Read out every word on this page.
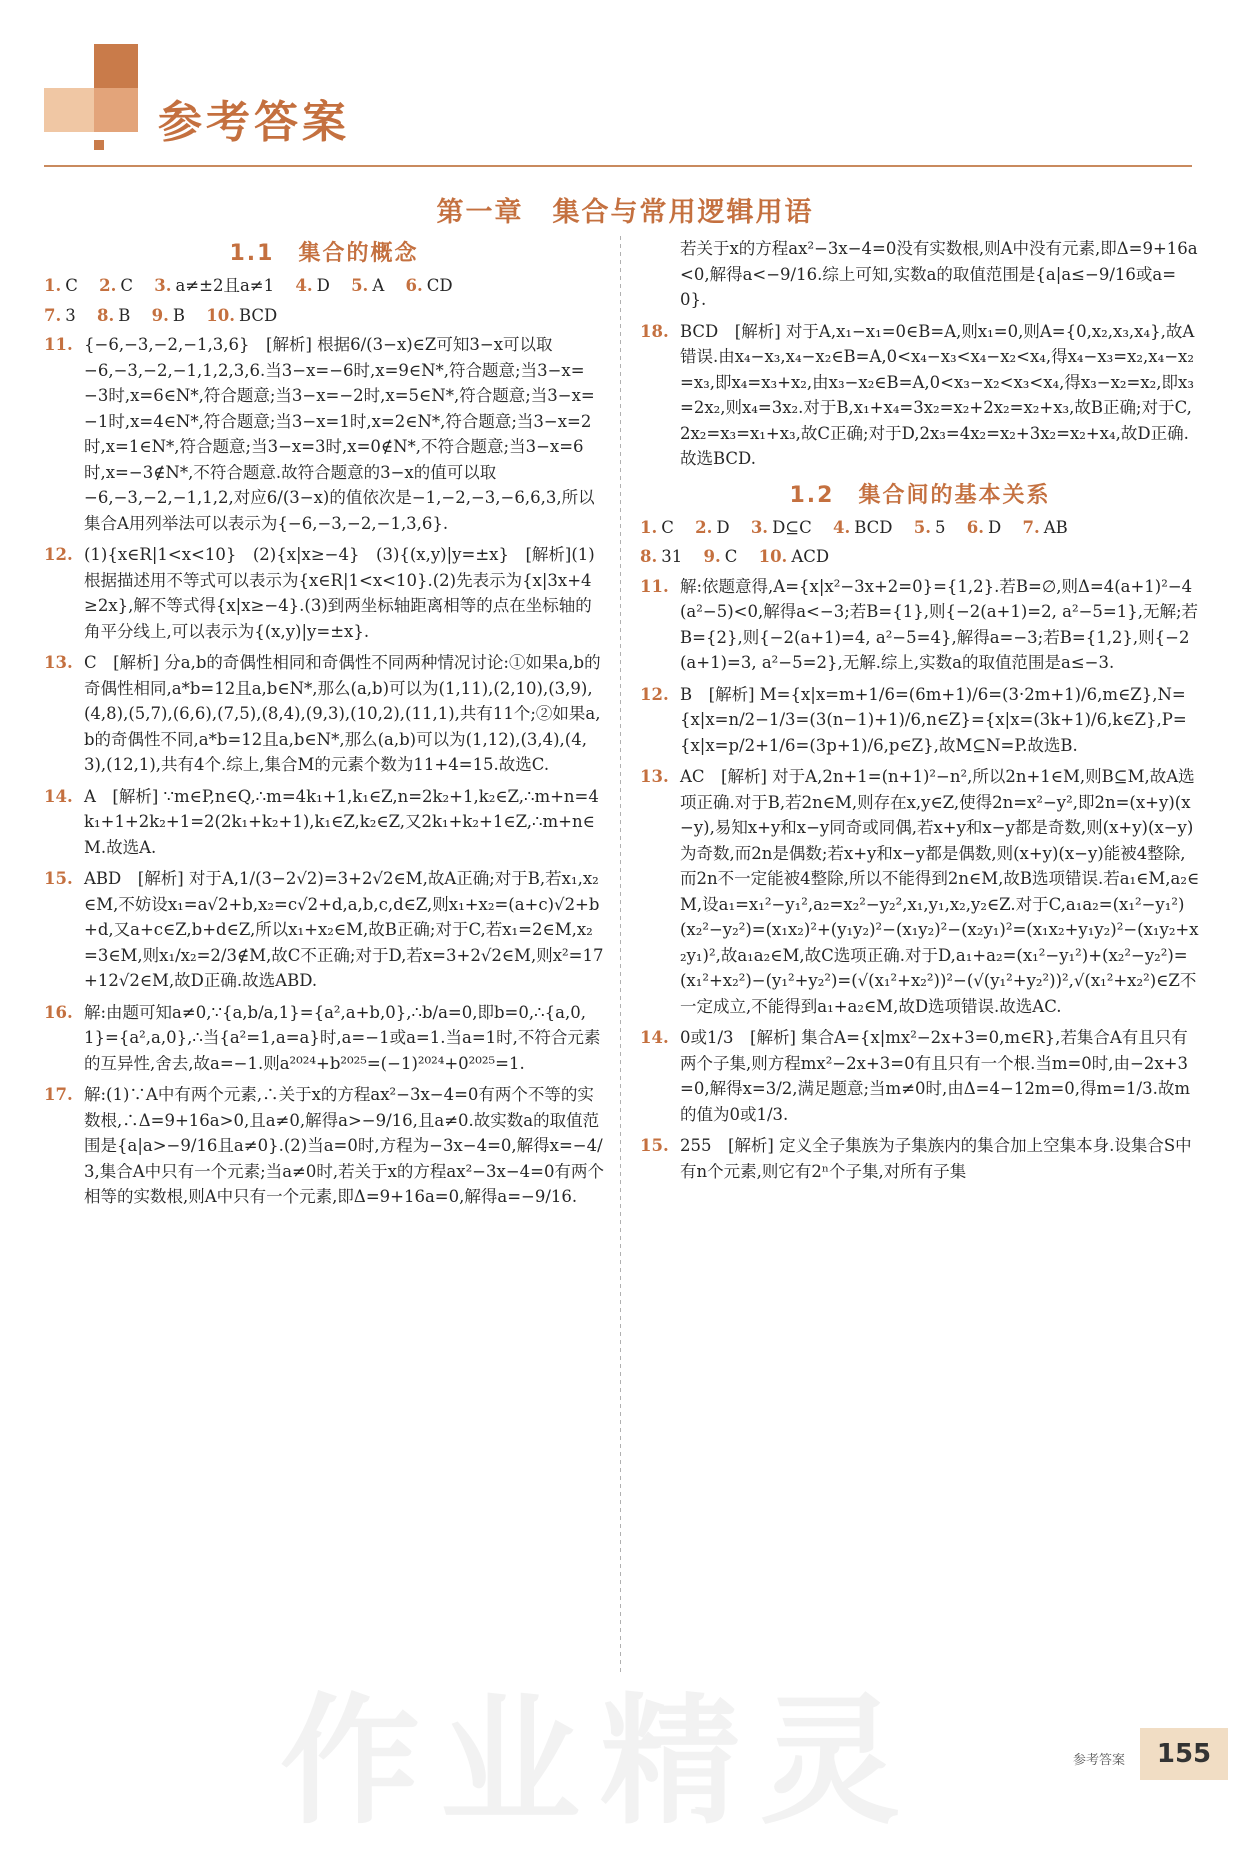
参考答案
第一章　集合与常用逻辑用语
1.1　集合的概念
1. C 2. C 3. a≠±2且a≠1 4. D 5. A 6. CD
7. 3 8. B 9. B 10. BCD
11. {−6,−3,−2,−1,3,6}　[解析] 根据6/(3−x)∈Z可知3−x可以取−6,−3,−2,−1,1,2,3,6.当3−x=−6时,x=9∈N*,符合题意;当3−x=−3时,x=6∈N*,符合题意;当3−x=−2时,x=5∈N*,符合题意;当3−x=−1时,x=4∈N*,符合题意;当3−x=1时,x=2∈N*,符合题意;当3−x=2时,x=1∈N*,符合题意;当3−x=3时,x=0∉N*,不符合题意;当3−x=6时,x=−3∉N*,不符合题意.故符合题意的3−x的值可以取−6,−3,−2,−1,1,2,对应6/(3−x)的值依次是−1,−2,−3,−6,6,3,所以集合A用列举法可以表示为{−6,−3,−2,−1,3,6}.
12. (1){x∈R|1<x<10}　(2){x|x≥−4}　(3){(x,y)|y=±x}　[解析](1)根据描述用不等式可以表示为{x∈R|1<x<10}.(2)先表示为{x|3x+4≥2x},解不等式得{x|x≥−4}.(3)到两坐标轴距离相等的点在坐标轴的角平分线上,可以表示为{(x,y)|y=±x}.
13. C　[解析] 分a,b的奇偶性相同和奇偶性不同两种情况讨论:①如果a,b的奇偶性相同,a*b=12且a,b∈N*,那么(a,b)可以为(1,11),(2,10),(3,9),(4,8),(5,7),(6,6),(7,5),(8,4),(9,3),(10,2),(11,1),共有11个;②如果a,b的奇偶性不同,a*b=12且a,b∈N*,那么(a,b)可以为(1,12),(3,4),(4,3),(12,1),共有4个.综上,集合M的元素个数为11+4=15.故选C.
14. A　[解析] ∵m∈P,n∈Q,∴m=4k₁+1,k₁∈Z,n=2k₂+1,k₂∈Z,∴m+n=4k₁+1+2k₂+1=2(2k₁+k₂+1),k₁∈Z,k₂∈Z,又2k₁+k₂+1∈Z,∴m+n∈M.故选A.
15. ABD　[解析] 对于A,1/(3−2√2)=3+2√2∈M,故A正确;对于B,若x₁,x₂∈M,不妨设x₁=a√2+b,x₂=c√2+d,a,b,c,d∈Z,则x₁+x₂=(a+c)√2+b+d,又a+c∈Z,b+d∈Z,所以x₁+x₂∈M,故B正确;对于C,若x₁=2∈M,x₂=3∈M,则x₁/x₂=2/3∉M,故C不正确;对于D,若x=3+2√2∈M,则x²=17+12√2∈M,故D正确.故选ABD.
16. 解:由题可知a≠0,∵{a,b/a,1}={a²,a+b,0},∴b/a=0,即b=0,∴{a,0,1}={a²,a,0},∴当{a²=1,a=a}时,a=−1或a=1.当a=1时,不符合元素的互异性,舍去,故a=−1.则a²⁰²⁴+b²⁰²⁵=(−1)²⁰²⁴+0²⁰²⁵=1.
17. 解:(1)∵A中有两个元素,∴关于x的方程ax²−3x−4=0有两个不等的实数根,∴Δ=9+16a>0,且a≠0,解得a>−9/16,且a≠0.故实数a的取值范围是{a|a>−9/16且a≠0}.(2)当a=0时,方程为−3x−4=0,解得x=−4/3,集合A中只有一个元素;当a≠0时,若关于x的方程ax²−3x−4=0有两个相等的实数根,则A中只有一个元素,即Δ=9+16a=0,解得a=−9/16.
若关于x的方程ax²−3x−4=0没有实数根,则A中没有元素,即Δ=9+16a<0,解得a<−9/16.综上可知,实数a的取值范围是{a|a≤−9/16或a=0}.
18. BCD　[解析] 对于A,x₁−x₁=0∈B=A,则x₁=0,则A={0,x₂,x₃,x₄},故A错误.由x₄−x₃,x₄−x₂∈B=A,0<x₄−x₃<x₄−x₂<x₄,得x₄−x₃=x₂,x₄−x₂=x₃,即x₄=x₃+x₂,由x₃−x₂∈B=A,0<x₃−x₂<x₃<x₄,得x₃−x₂=x₂,即x₃=2x₂,则x₄=3x₂.对于B,x₁+x₄=3x₂=x₂+2x₂=x₂+x₃,故B正确;对于C,2x₂=x₃=x₁+x₃,故C正确;对于D,2x₃=4x₂=x₂+3x₂=x₂+x₄,故D正确.故选BCD.
1.2　集合间的基本关系
1. C 2. D 3. D⊆C 4. BCD 5. 5 6. D 7. AB
8. 31 9. C 10. ACD
11. 解:依题意得,A={x|x²−3x+2=0}={1,2}.若B=∅,则Δ=4(a+1)²−4(a²−5)<0,解得a<−3;若B={1},则{−2(a+1)=2, a²−5=1},无解;若B={2},则{−2(a+1)=4, a²−5=4},解得a=−3;若B={1,2},则{−2(a+1)=3, a²−5=2},无解.综上,实数a的取值范围是a≤−3.
12. B　[解析] M={x|x=m+1/6=(6m+1)/6=(3·2m+1)/6,m∈Z},N={x|x=n/2−1/3=(3(n−1)+1)/6,n∈Z}={x|x=(3k+1)/6,k∈Z},P={x|x=p/2+1/6=(3p+1)/6,p∈Z},故M⊆N=P.故选B.
13. AC　[解析] 对于A,2n+1=(n+1)²−n²,所以2n+1∈M,则B⊆M,故A选项正确.对于B,若2n∈M,则存在x,y∈Z,使得2n=x²−y²,即2n=(x+y)(x−y),易知x+y和x−y同奇或同偶,若x+y和x−y都是奇数,则(x+y)(x−y)为奇数,而2n是偶数;若x+y和x−y都是偶数,则(x+y)(x−y)能被4整除,而2n不一定能被4整除,所以不能得到2n∈M,故B选项错误.若a₁∈M,a₂∈M,设a₁=x₁²−y₁²,a₂=x₂²−y₂²,x₁,y₁,x₂,y₂∈Z.对于C,a₁a₂=(x₁²−y₁²)(x₂²−y₂²)=(x₁x₂)²+(y₁y₂)²−(x₁y₂)²−(x₂y₁)²=(x₁x₂+y₁y₂)²−(x₁y₂+x₂y₁)²,故a₁a₂∈M,故C选项正确.对于D,a₁+a₂=(x₁²−y₁²)+(x₂²−y₂²)=(x₁²+x₂²)−(y₁²+y₂²)=(√(x₁²+x₂²))²−(√(y₁²+y₂²))²,√(x₁²+x₂²)∈Z不一定成立,不能得到a₁+a₂∈M,故D选项错误.故选AC.
14. 0或1/3　[解析] 集合A={x|mx²−2x+3=0,m∈R},若集合A有且只有两个子集,则方程mx²−2x+3=0有且只有一个根.当m=0时,由−2x+3=0,解得x=3/2,满足题意;当m≠0时,由Δ=4−12m=0,得m=1/3.故m的值为0或1/3.
15. 255　[解析] 定义全子集族为子集族内的集合加上空集本身.设集合S中有n个元素,则它有2ⁿ个子集,对所有子集
作业精灵	参考答案	155
